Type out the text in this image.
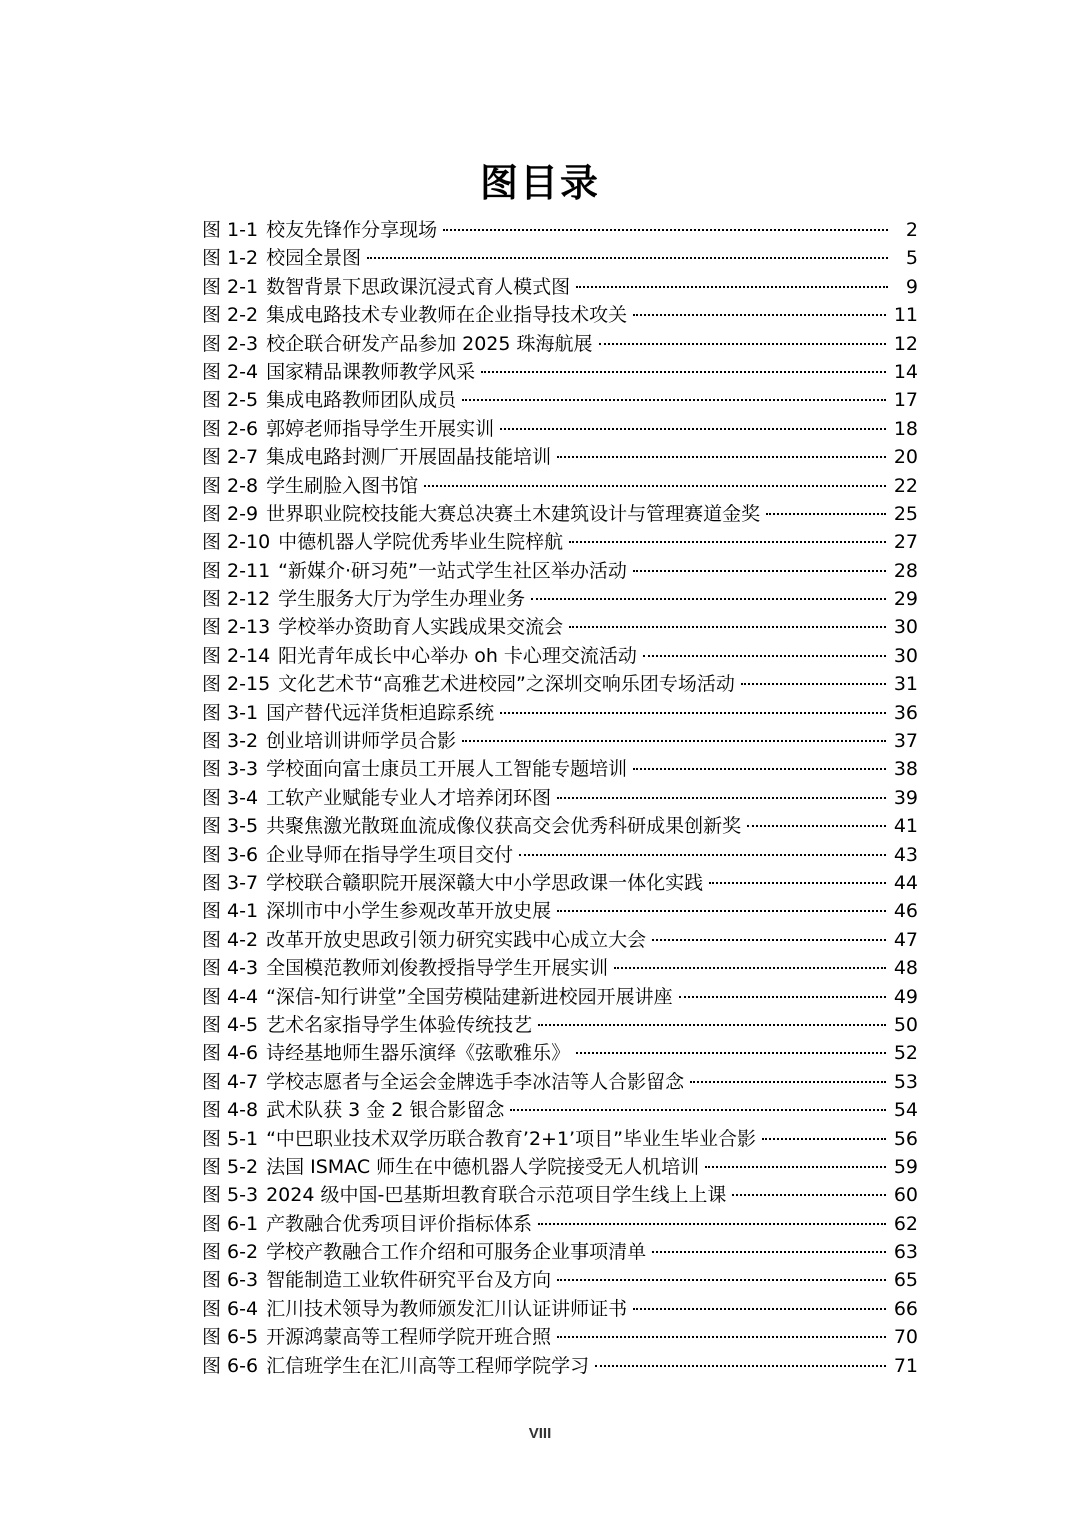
图目录
图 1-1 校友先锋作分享现场	2
图 1-2 校园全景图	5
图 2-1 数智背景下思政课沉浸式育人模式图	9
图 2-2 集成电路技术专业教师在企业指导技术攻关	11
图 2-3 校企联合研发产品参加 2025 珠海航展	12
图 2-4 国家精品课教师教学风采	14
图 2-5 集成电路教师团队成员	17
图 2-6 郭婷老师指导学生开展实训	18
图 2-7 集成电路封测厂开展固晶技能培训	20
图 2-8 学生刷脸入图书馆	22
图 2-9 世界职业院校技能大赛总决赛土木建筑设计与管理赛道金奖	25
图 2-10 中德机器人学院优秀毕业生院梓航	27
图 2-11 “新媒介·研习苑”一站式学生社区举办活动	28
图 2-12 学生服务大厅为学生办理业务	29
图 2-13 学校举办资助育人实践成果交流会	30
图 2-14 阳光青年成长中心举办 oh 卡心理交流活动	30
图 2-15 文化艺术节“高雅艺术进校园”之深圳交响乐团专场活动	31
图 3-1 国产替代远洋货柜追踪系统	36
图 3-2 创业培训讲师学员合影	37
图 3-3 学校面向富士康员工开展人工智能专题培训	38
图 3-4 工软产业赋能专业人才培养闭环图	39
图 3-5 共聚焦激光散斑血流成像仪获高交会优秀科研成果创新奖	41
图 3-6 企业导师在指导学生项目交付	43
图 3-7 学校联合赣职院开展深赣大中小学思政课一体化实践	44
图 4-1 深圳市中小学生参观改革开放史展	46
图 4-2 改革开放史思政引领力研究实践中心成立大会	47
图 4-3 全国模范教师刘俊教授指导学生开展实训	48
图 4-4 “深信-知行讲堂”全国劳模陆建新进校园开展讲座	49
图 4-5 艺术名家指导学生体验传统技艺	50
图 4-6 诗经基地师生器乐演绎《弦歌雅乐》	52
图 4-7 学校志愿者与全运会金牌选手李冰洁等人合影留念	53
图 4-8 武术队获 3 金 2 银合影留念	54
图 5-1 “中巴职业技术双学历联合教育’2+1’项目”毕业生毕业合影	56
图 5-2 法国 ISMAC 师生在中德机器人学院接受无人机培训	59
图 5-3 2024 级中国-巴基斯坦教育联合示范项目学生线上上课	60
图 6-1 产教融合优秀项目评价指标体系	62
图 6-2 学校产教融合工作介绍和可服务企业事项清单	63
图 6-3 智能制造工业软件研究平台及方向	65
图 6-4 汇川技术领导为教师颁发汇川认证讲师证书	66
图 6-5 开源鸿蒙高等工程师学院开班合照	70
图 6-6 汇信班学生在汇川高等工程师学院学习	71
VIII
